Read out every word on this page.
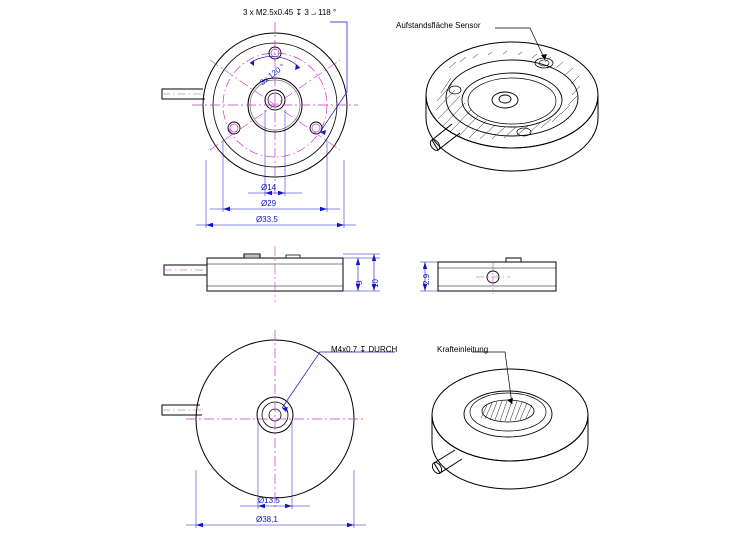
3 x M2.5x0.45 ↧ 3 ⨼ 118 °
3x 120 °
Ø14
Ø29
Ø33.5
Aufstandsfläche Sensor
9 10	2.9
M4x0.7 ↧ DURCH
Ø13.5
Ø38,1
Krafteinleitung
